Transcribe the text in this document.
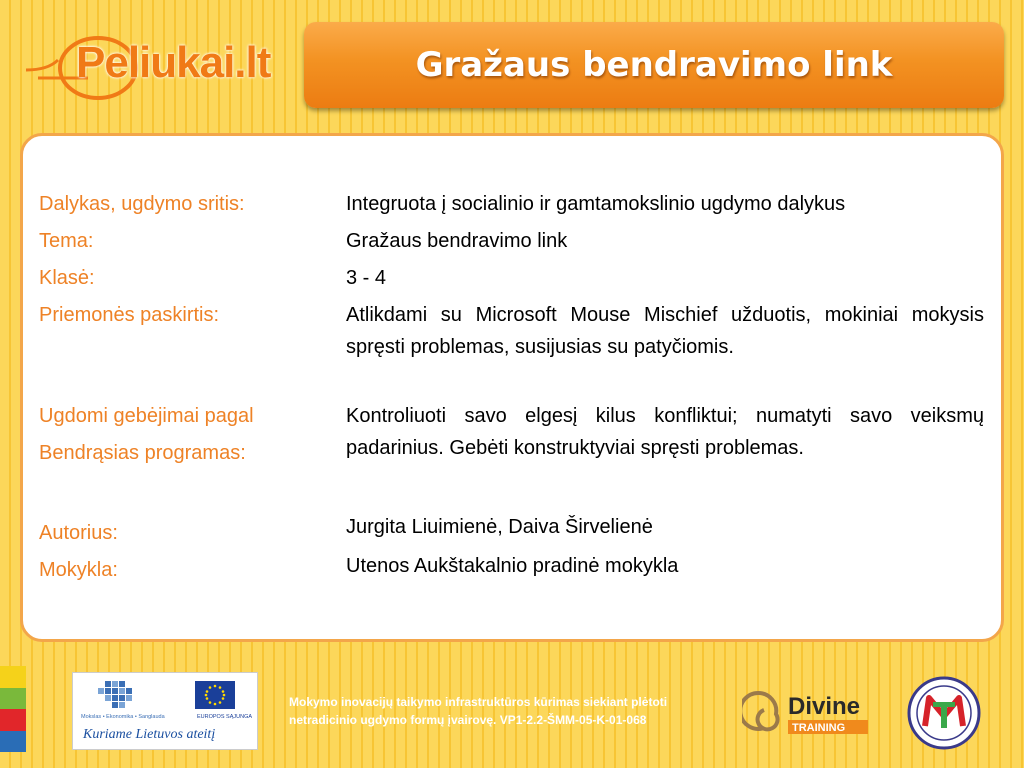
Peliukai.lt	Gražaus bendravimo link

Dalykas, ugdymo sritis:	Integruota į socialinio ir gamtamokslinio ugdymo dalykus

Tema:	Gražaus bendravimo link

Klasė:	3 - 4

Priemonės paskirtis:	Atlikdami su Microsoft Mouse Mischief užduotis, mokiniai mokysis spręsti problemas, susijusias su patyčiomis.

Ugdomi gebėjimai pagal

Bendrąsias programas:

Kontroliuoti savo elgesį kilus konfliktui; numatyti savo veiksmų padarinius. Gebėti konstruktyviai spręsti problemas.

Autorius:	Jurgita Liuimienė, Daiva Širvelienė

Mokykla:	Utenos Aukštakalnio pradinė mokykla

Mokslas • Ekonomika • Sanglauda	EUROPOS SĄJUNGA
Kuriame Lietuvos ateitį

Mokymo inovacijų taikymo infrastruktūros kūrimas siekiant plėtoti netradicinio ugdymo formų įvairovę. VP1-2.2-ŠMM-05-K-01-068	Divine
TRAINING
